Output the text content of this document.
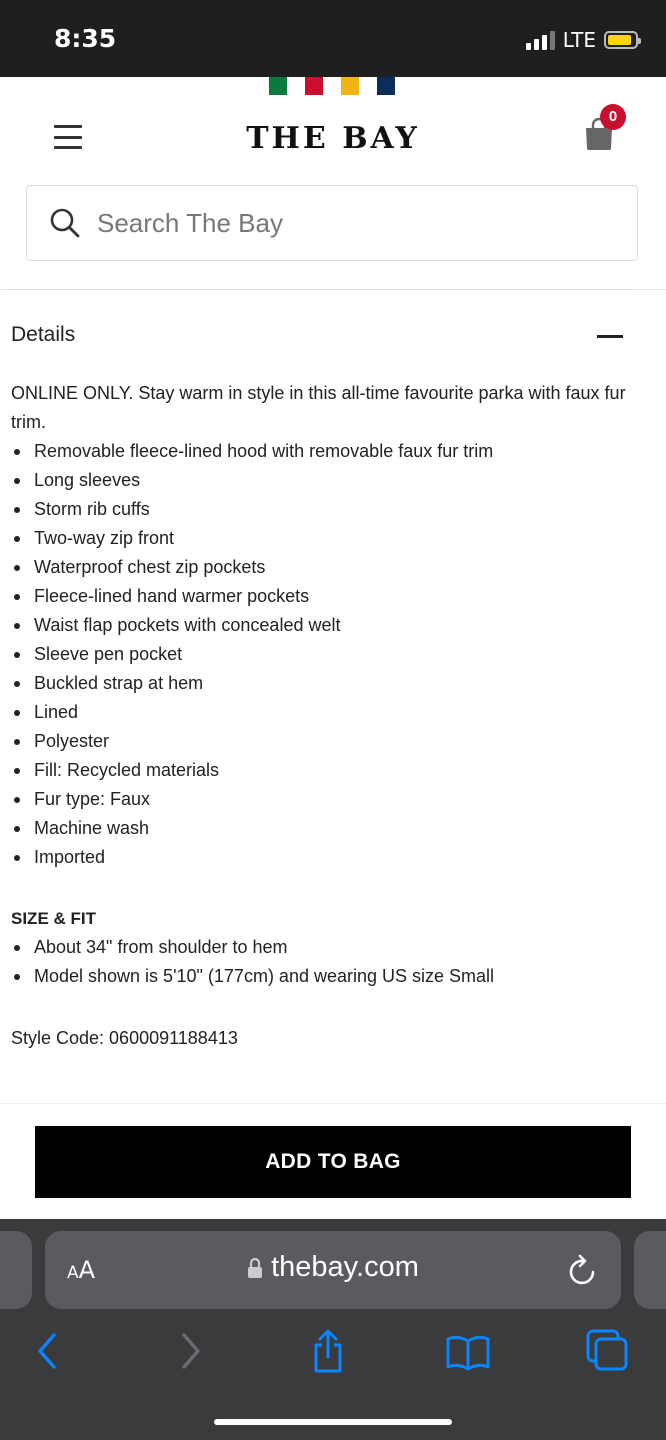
8:35	LTE
THE BAY
0
Search The Bay
Details
ONLINE ONLY. Stay warm in style in this all-time favourite parka with faux fur trim.
Removable fleece-lined hood with removable faux fur trim
Long sleeves
Storm rib cuffs
Two-way zip front
Waterproof chest zip pockets
Fleece-lined hand warmer pockets
Waist flap pockets with concealed welt
Sleeve pen pocket
Buckled strap at hem
Lined
Polyester
Fill: Recycled materials
Fur type: Faux
Machine wash
Imported
SIZE & FIT
About 34" from shoulder to hem
Model shown is 5'10" (177cm) and wearing US size Small
Style Code: 0600091188413
ADD TO BAG
AA	thebay.com
